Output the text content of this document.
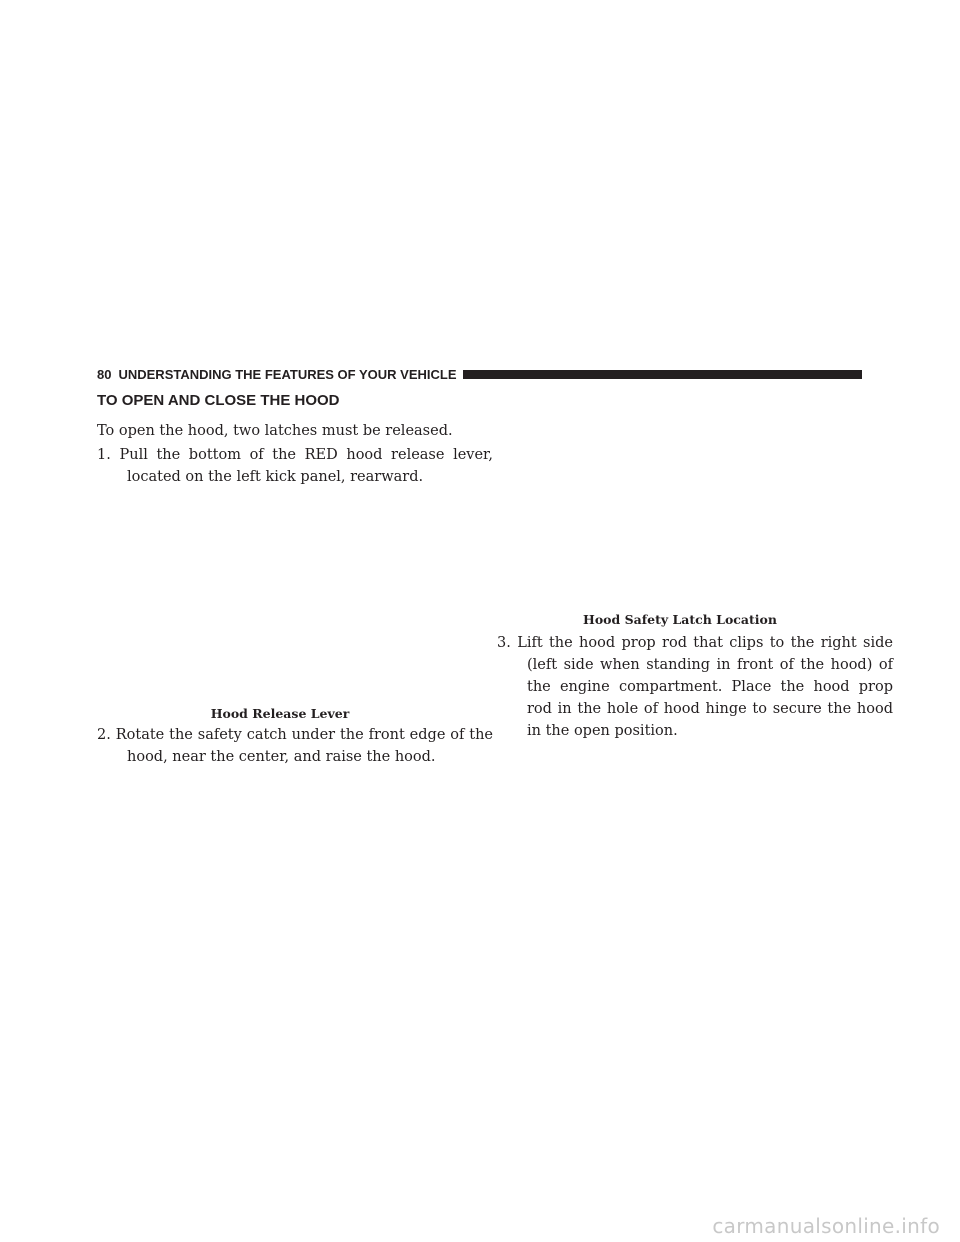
80 UNDERSTANDING THE FEATURES OF YOUR VEHICLE
TO OPEN AND CLOSE THE HOOD

To open the hood, two latches must be released.

1. Pull the bottom of the RED hood release lever, located on the left kick panel, rearward.

Hood Release Lever

2. Rotate the safety catch under the front edge of the hood, near the center, and raise the hood.

Hood Safety Latch Location

3. Lift the hood prop rod that clips to the right side (left side when standing in front of the hood) of the engine compartment. Place the hood prop rod in the hole of hood hinge to secure the hood in the open position.

carmanualsonline.info
